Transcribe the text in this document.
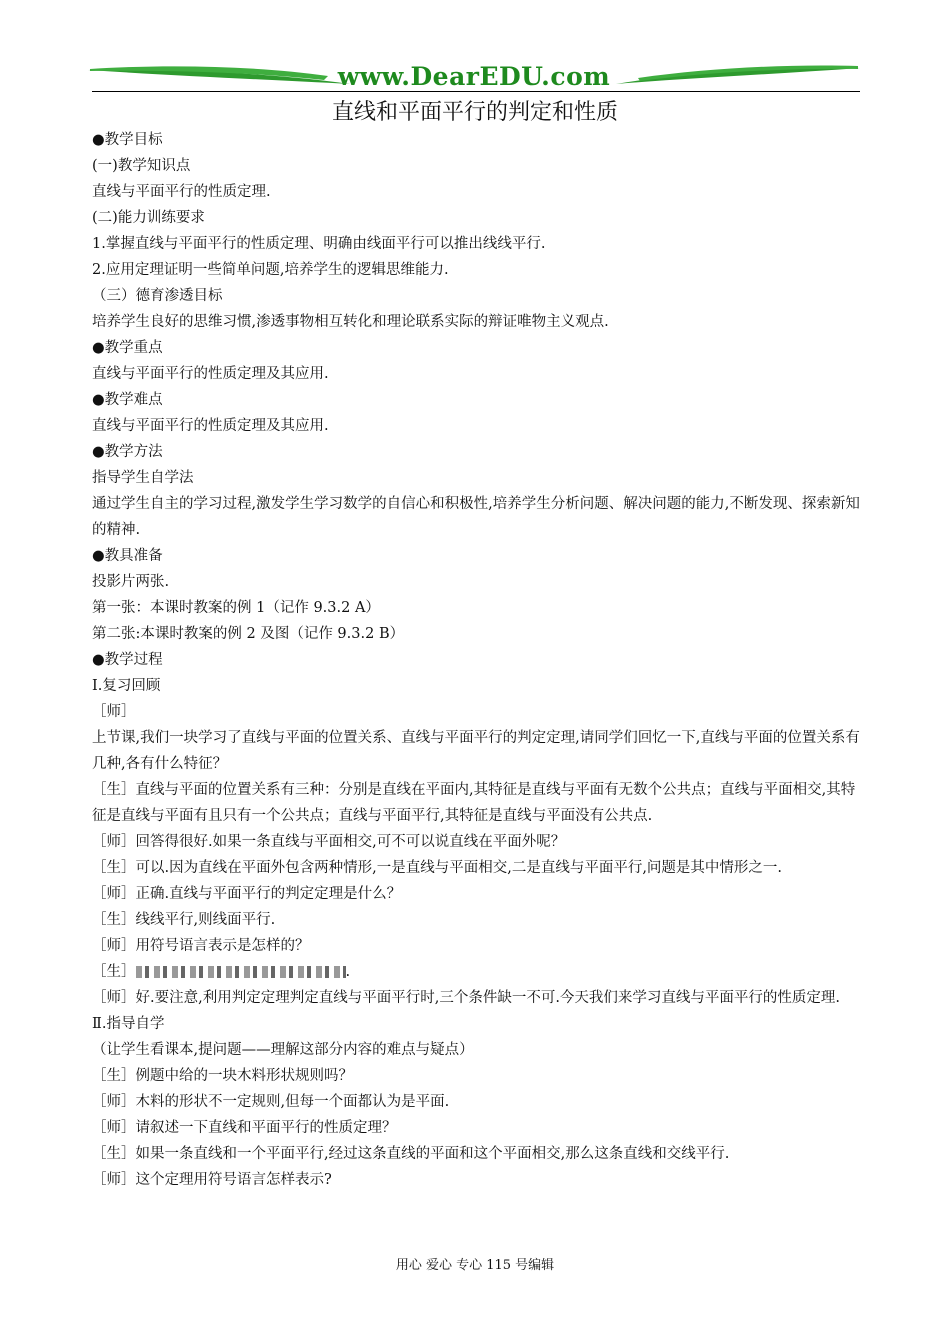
www.DearEDU.com
直线和平面平行的判定和性质

●教学目标

(一)教学知识点

直线与平面平行的性质定理.

(二)能力训练要求

1.掌握直线与平面平行的性质定理、明确由线面平行可以推出线线平行.

2.应用定理证明一些简单问题,培养学生的逻辑思维能力.

（三）德育渗透目标

培养学生良好的思维习惯,渗透事物相互转化和理论联系实际的辩证唯物主义观点.

●教学重点

直线与平面平行的性质定理及其应用.

●教学难点

直线与平面平行的性质定理及其应用.

●教学方法

指导学生自学法

通过学生自主的学习过程,激发学生学习数学的自信心和积极性,培养学生分析问题、解决问题的能力,不断发现、探索新知的精神.

●教具准备

投影片两张.

第一张：本课时教案的例 1（记作 9.3.2 A）

第二张:本课时教案的例 2 及图（记作 9.3.2 B）

●教学过程

Ⅰ.复习回顾

［师］

上节课,我们一块学习了直线与平面的位置关系、直线与平面平行的判定定理,请同学们回忆一下,直线与平面的位置关系有几种,各有什么特征？

［生］直线与平面的位置关系有三种：分别是直线在平面内,其特征是直线与平面有无数个公共点；直线与平面相交,其特征是直线与平面有且只有一个公共点；直线与平面平行,其特征是直线与平面没有公共点.

［师］回答得很好.如果一条直线与平面相交,可不可以说直线在平面外呢？

［生］可以.因为直线在平面外包含两种情形,一是直线与平面相交,二是直线与平面平行,问题是其中情形之一.

［师］正确.直线与平面平行的判定定理是什么？

［生］线线平行,则线面平行.

［师］用符号语言表示是怎样的？

［生］	.

［师］好.要注意,利用判定定理判定直线与平面平行时,三个条件缺一不可.今天我们来学习直线与平面平行的性质定理.

Ⅱ.指导自学

（让学生看课本,提问题——理解这部分内容的难点与疑点）

［生］例题中给的一块木料形状规则吗？

［师］木料的形状不一定规则,但每一个面都认为是平面.

［师］请叙述一下直线和平面平行的性质定理？

［生］如果一条直线和一个平面平行,经过这条直线的平面和这个平面相交,那么这条直线和交线平行.

［师］这个定理用符号语言怎样表示?

用心 爱心 专心 115 号编辑
